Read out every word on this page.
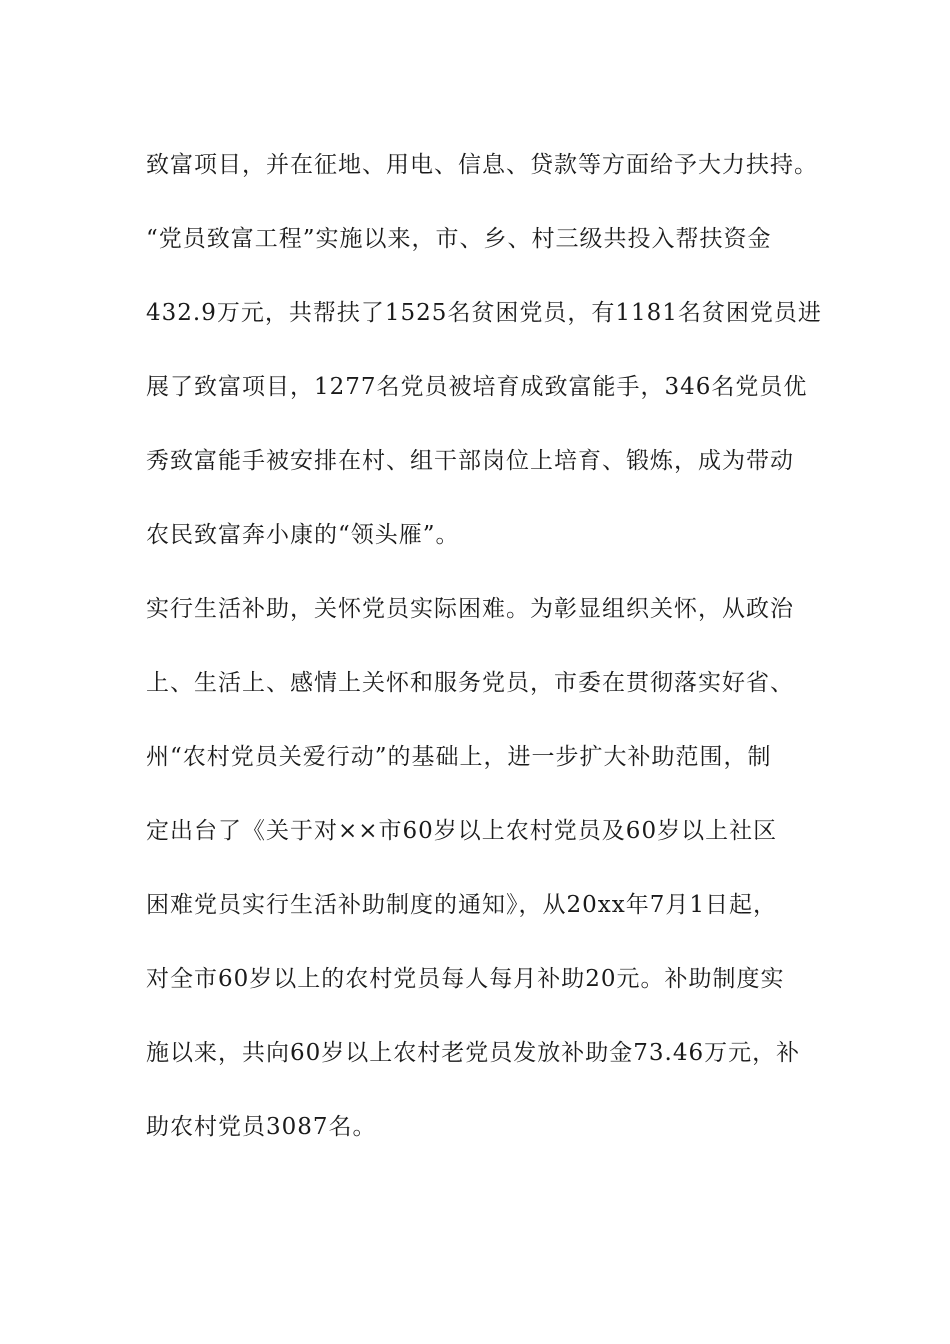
致富项目，并在征地、用电、信息、贷款等方面给予大力扶持。
“党员致富工程”实施以来，市、乡、村三级共投入帮扶资金
432.9万元，共帮扶了1525名贫困党员，有1181名贫困党员进
展了致富项目，1277名党员被培育成致富能手，346名党员优
秀致富能手被安排在村、组干部岗位上培育、锻炼，成为带动
农民致富奔小康的“领头雁”。
实行生活补助，关怀党员实际困难。为彰显组织关怀，从政治
上、生活上、感情上关怀和服务党员，市委在贯彻落实好省、
州“农村党员关爱行动”的基础上，进一步扩大补助范围，制
定出台了《关于对××市60岁以上农村党员及60岁以上社区
困难党员实行生活补助制度的通知》，从20xx年7月1日起，
对全市60岁以上的农村党员每人每月补助20元。补助制度实
施以来，共向60岁以上农村老党员发放补助金73.46万元，补
助农村党员3087名。
